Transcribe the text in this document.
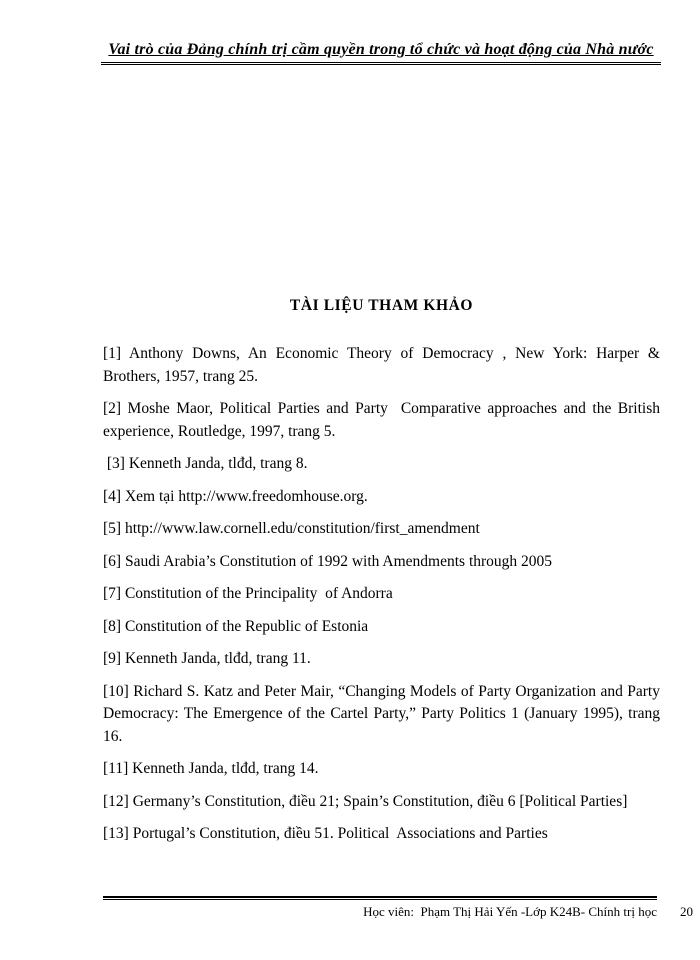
Vai trò của Đảng chính trị cầm quyền trong tổ chức và hoạt động của Nhà nước
TÀI LIỆU THAM KHẢO

[1] Anthony Downs, An Economic Theory of Democracy , New York: Harper & Brothers, 1957, trang 25.

[2] Moshe Maor, Political Parties and Party  Comparative approaches and the British experience, Routledge, 1997, trang 5.

[3] Kenneth Janda, tlđd, trang 8.

[4] Xem tại http://www.freedomhouse.org.

[5] http://www.law.cornell.edu/constitution/first_amendment

[6] Saudi Arabia’s Constitution of 1992 with Amendments through 2005

[7] Constitution of the Principality  of Andorra

[8] Constitution of the Republic of Estonia

[9] Kenneth Janda, tlđd, trang 11.

[10] Richard S. Katz and Peter Mair, “Changing Models of Party Organization and Party Democracy: The Emergence of the Cartel Party,” Party Politics 1 (January 1995), trang 16.

[11] Kenneth Janda, tlđd, trang 14.

[12] Germany’s Constitution, điều 21; Spain’s Constitution, điều 6 [Political Parties]

[13] Portugal’s Constitution, điều 51. Political  Associations and Parties

Học viên:  Phạm Thị Hải Yến -Lớp K24B- Chính trị học	20
